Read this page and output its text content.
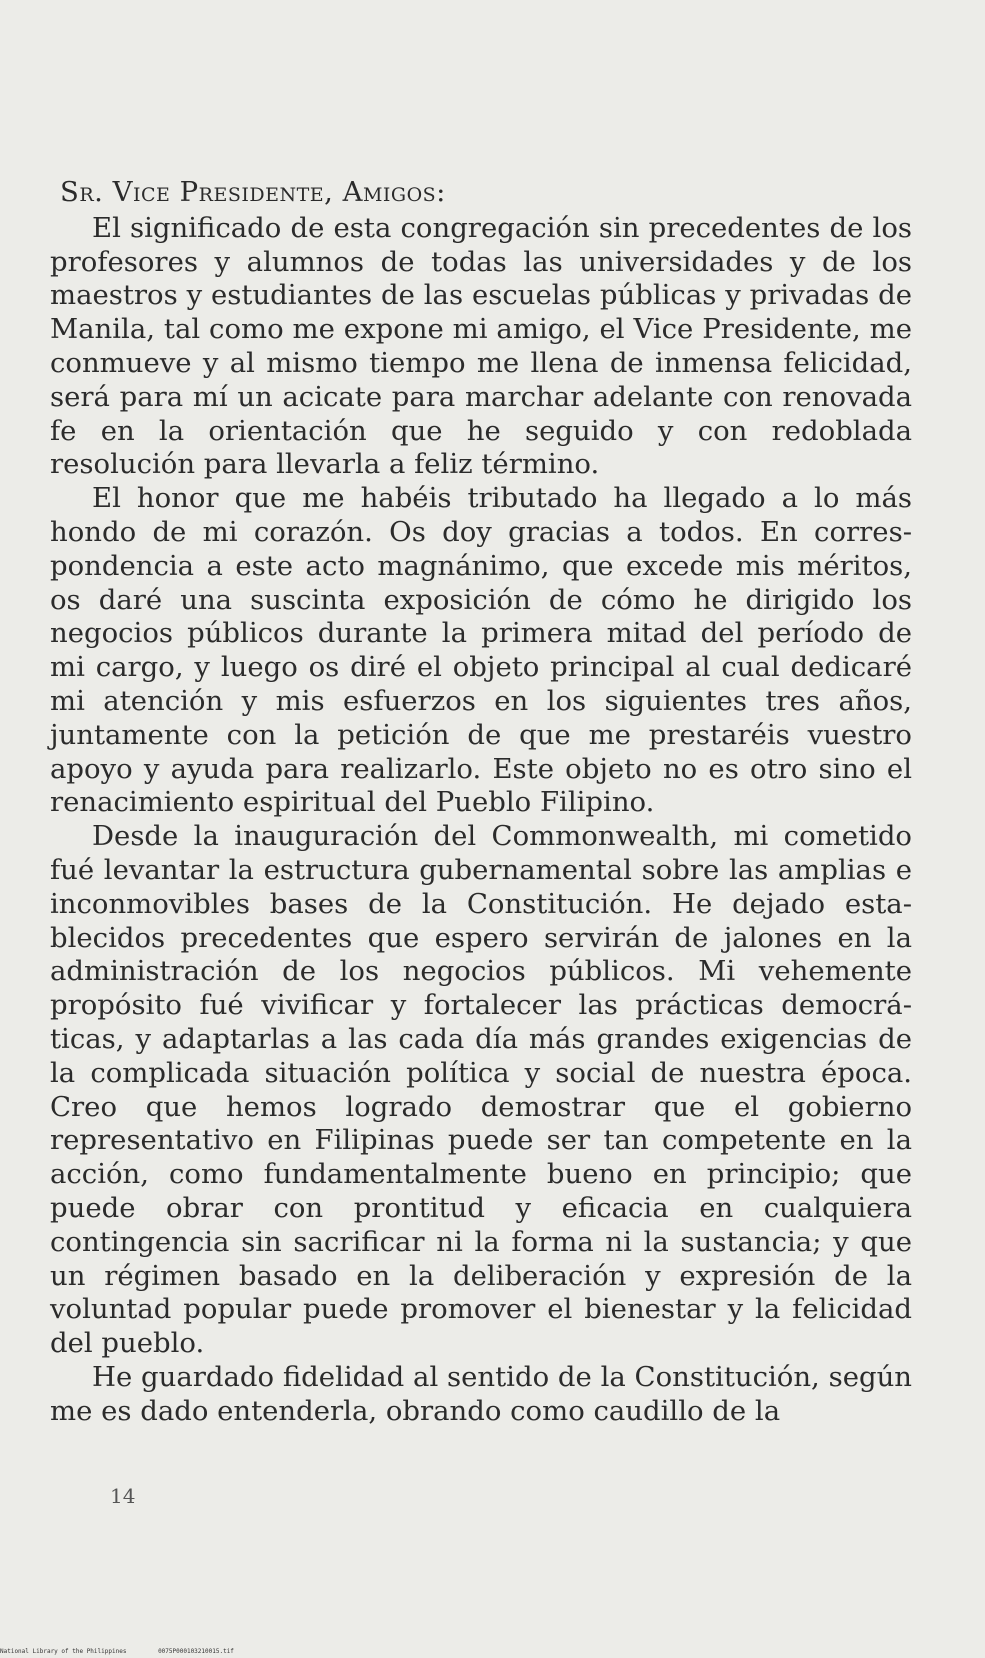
Sr. Vice Presidente, Amigos:

El significado de esta congregación sin precedentes de los profesores y alumnos de todas las universidades y de los maestros y estudiantes de las escuelas públicas y privadas de Manila, tal como me expone mi amigo, el Vice Presidente, me conmueve y al mismo tiempo me llena de inmensa felicidad, será para mí un acicate para marchar adelante con renovada fe en la orientación que he seguido y con redoblada resolución para llevarla a feliz término.

El honor que me habéis tributado ha llegado a lo más hondo de mi corazón. Os doy gracias a todos. En correspondencia a este acto magnánimo, que excede mis méritos, os daré una suscinta exposición de cómo he dirigido los negocios públicos durante la primera mitad del período de mi cargo, y luego os diré el objeto principal al cual dedicaré mi atención y mis esfuerzos en los siguientes tres años, juntamente con la petición de que me prestaréis vuestro apoyo y ayuda para realizarlo. Este objeto no es otro sino el renacimiento espiritual del Pueblo Filipino.

Desde la inauguración del Commonwealth, mi cometido fué levantar la estructura gubernamental sobre las amplias e inconmovibles bases de la Constitución. He dejado establecidos precedentes que espero servirán de jalones en la administración de los negocios públicos. Mi vehemente propósito fué vivificar y fortalecer las prácticas democráticas, y adaptarlas a las cada día más grandes exigencias de la complicada situación política y social de nuestra época. Creo que hemos logrado demostrar que el gobierno representativo en Filipinas puede ser tan competente en la acción, como fundamentalmente bueno en principio; que puede obrar con prontitud y eficacia en cualquiera contingencia sin sacrificar ni la forma ni la sustancia; y que un régimen basado en la deliberación y expresión de la voluntad popular puede promover el bienestar y la felicidad del pueblo.

He guardado fidelidad al sentido de la Constitución, según me es dado entenderla, obrando como caudillo de la

14
National Library of the Philippines	0075P000103210015.tif
